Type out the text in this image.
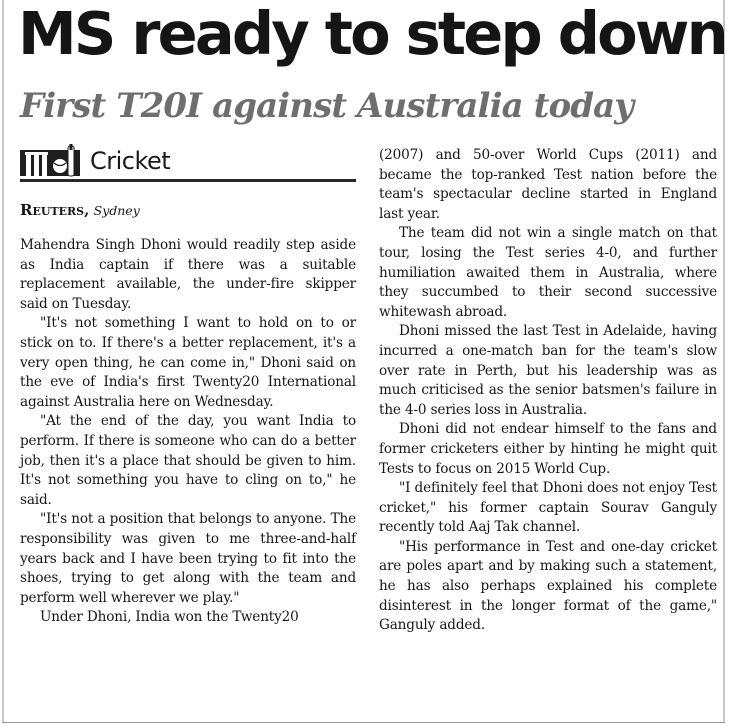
MS ready to step down
First T20I against Australia today
Cricket
Reuters, Sydney

Mahendra Singh Dhoni would readily step aside as India captain if there was a suitable replacement available, the under-fire skipper said on Tuesday.

"It's not something I want to hold on to or stick on to. If there's a better replacement, it's a very open thing, he can come in," Dhoni said on the eve of India's first Twenty20 International against Australia here on Wednesday.

"At the end of the day, you want India to perform. If there is someone who can do a better job, then it's a place that should be given to him. It's not something you have to cling on to," he said.

"It's not a position that belongs to anyone. The responsibility was given to me three-and-half years back and I have been trying to fit into the shoes, trying to get along with the team and perform well wherever we play."

Under Dhoni, India won the Twenty20

(2007) and 50-over World Cups (2011) and became the top-ranked Test nation before the team's spectacular decline started in England last year.

The team did not win a single match on that tour, losing the Test series 4-0, and further humiliation awaited them in Australia, where they succumbed to their second successive whitewash abroad.

Dhoni missed the last Test in Adelaide, having incurred a one-match ban for the team's slow over rate in Perth, but his leadership was as much criticised as the senior batsmen's failure in the 4-0 series loss in Australia.

Dhoni did not endear himself to the fans and former cricketers either by hinting he might quit Tests to focus on 2015 World Cup.

"I definitely feel that Dhoni does not enjoy Test cricket," his former captain Sourav Ganguly recently told Aaj Tak channel.

"His performance in Test and one-day cricket are poles apart and by making such a statement, he has also perhaps explained his complete disinterest in the longer format of the game," Ganguly added.
